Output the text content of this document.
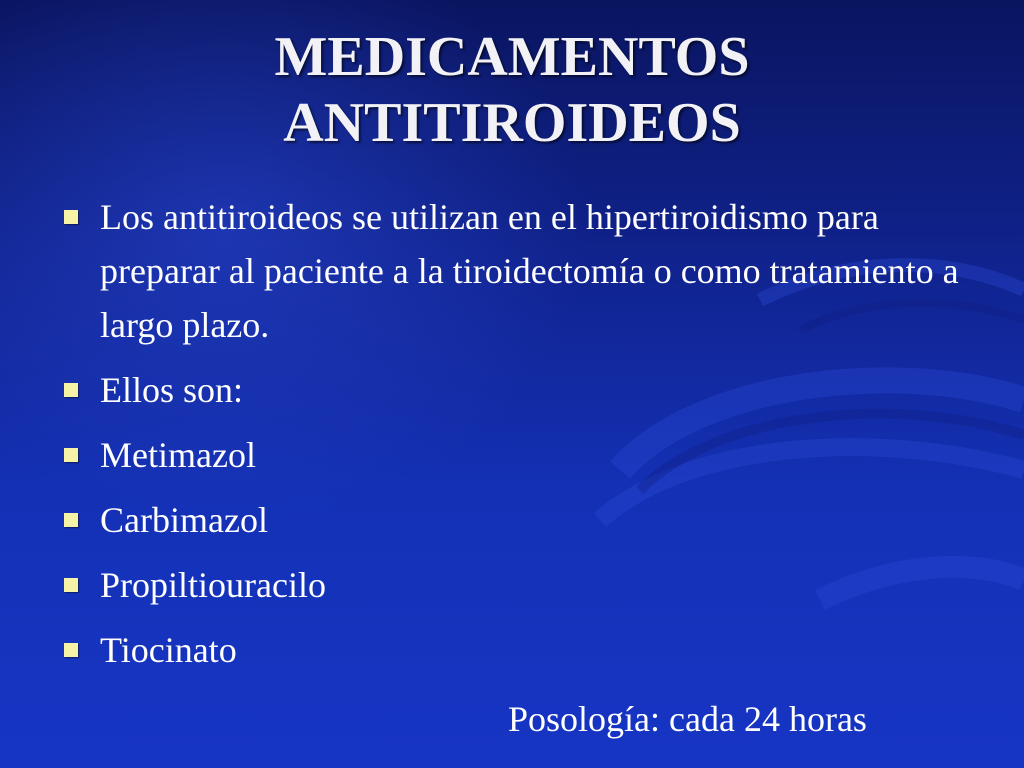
MEDICAMENTOS
ANTITIROIDEOS
Los antitiroideos se utilizan en el hipertiroidismo para preparar al paciente a la tiroidectomía o como tratamiento a largo plazo.
Ellos son:
Metimazol
Carbimazol
Propiltiouracilo
Tiocinato

Posología: cada 24 horas
